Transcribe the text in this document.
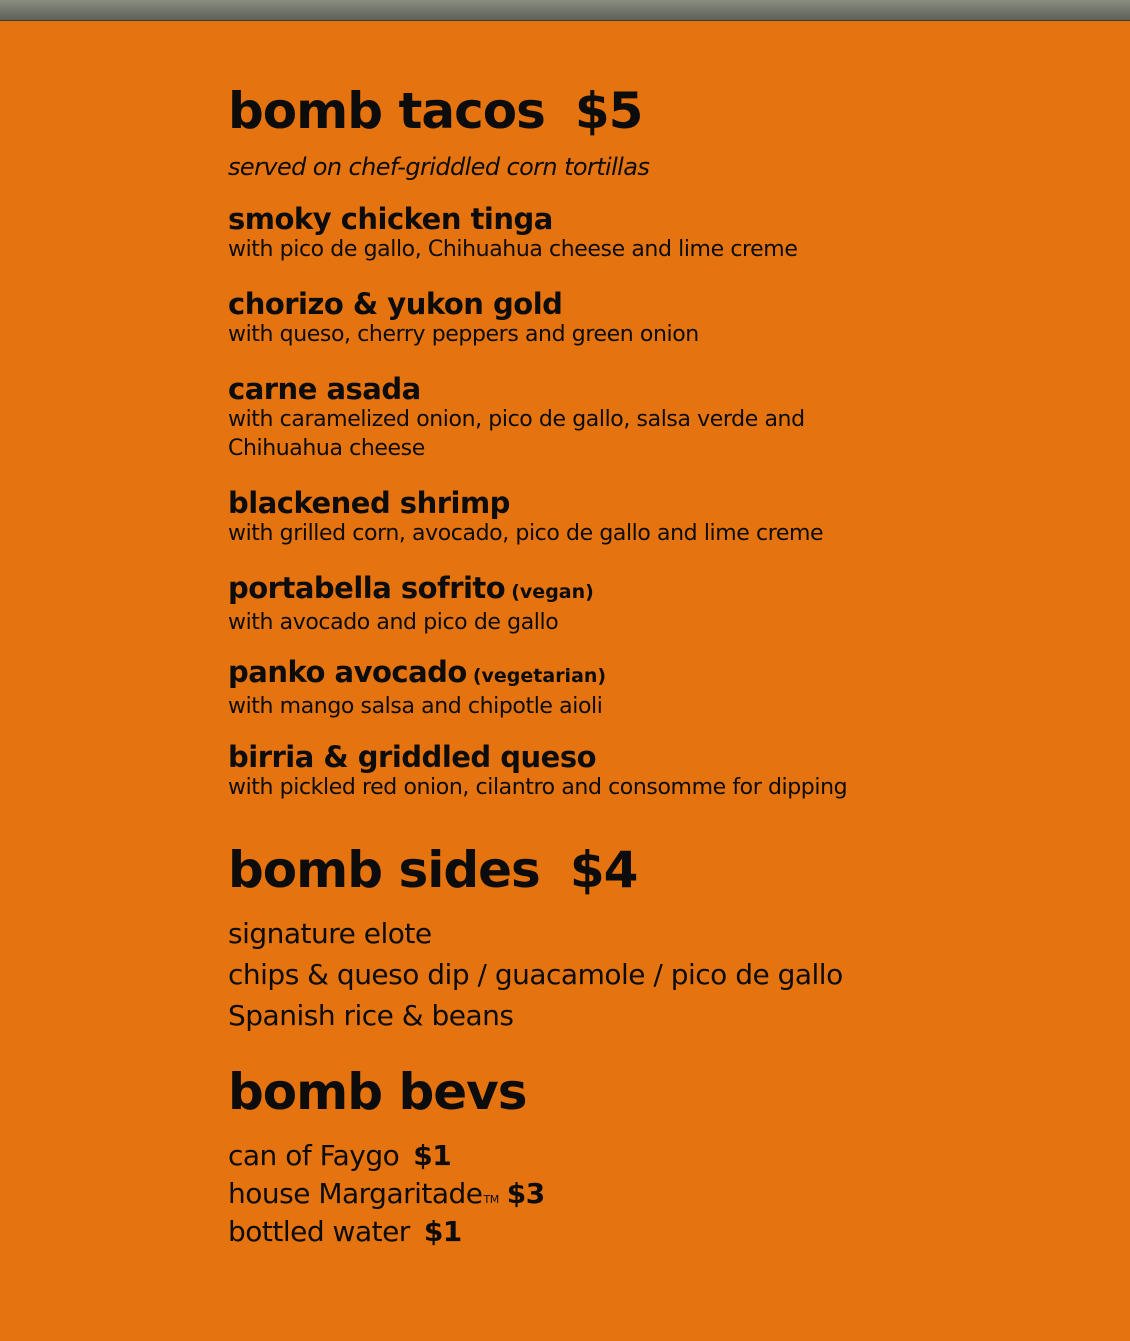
bomb tacos $5

served on chef-griddled corn tortillas

smoky chicken tinga
with pico de gallo, Chihuahua cheese and lime creme
chorizo & yukon gold
with queso, cherry peppers and green onion
carne asada
with caramelized onion, pico de gallo, salsa verde and Chihuahua cheese
blackened shrimp
with grilled corn, avocado, pico de gallo and lime creme
portabella sofrito (vegan)
with avocado and pico de gallo
panko avocado (vegetarian)
with mango salsa and chipotle aioli
birria & griddled queso
with pickled red onion, cilantro and consomme for dipping
bomb sides $4
signature elote
chips & queso dip / guacamole / pico de gallo
Spanish rice & beans
bomb bevs
can of Faygo $1
house MargaritadeTM $3
bottled water $1
